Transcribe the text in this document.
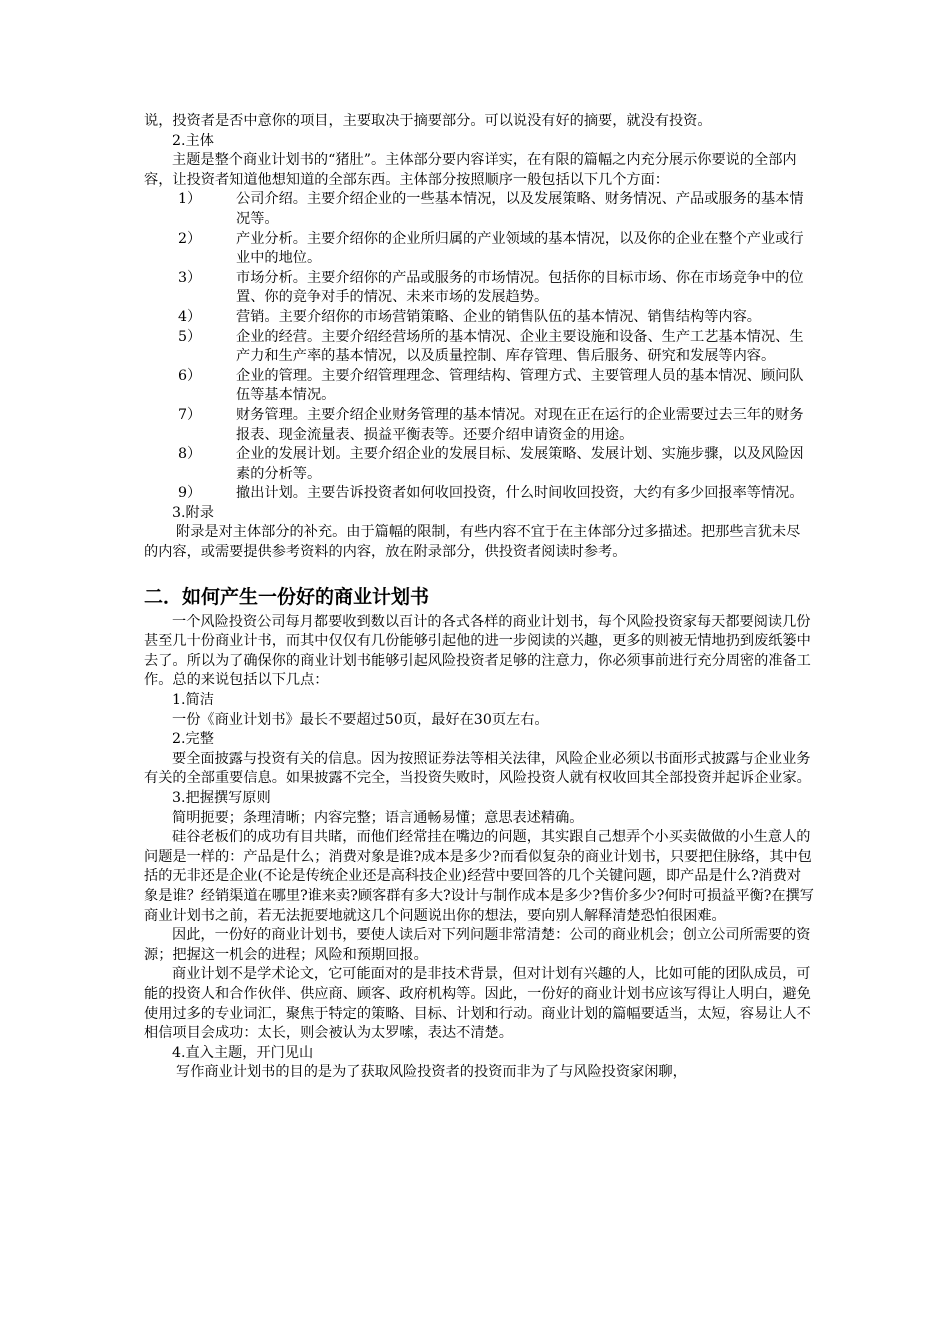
说，投资者是否中意你的项目，主要取决于摘要部分。可以说没有好的摘要，就没有投资。

2.主体

主题是整个商业计划书的“猪肚”。主体部分要内容详实，在有限的篇幅之内充分展示你要说的全部内容，让投资者知道他想知道的全部东西。主体部分按照顺序一般包括以下几个方面：

1）	公司介绍。主要介绍企业的一些基本情况，以及发展策略、财务情况、产品或服务的基本情况等。
2）	产业分析。主要介绍你的企业所归属的产业领域的基本情况，以及你的企业在整个产业或行业中的地位。
3）	市场分析。主要介绍你的产品或服务的市场情况。包括你的目标市场、你在市场竞争中的位置、你的竞争对手的情况、未来市场的发展趋势。
4）	营销。主要介绍你的市场营销策略、企业的销售队伍的基本情况、销售结构等内容。
5）	企业的经营。主要介绍经营场所的基本情况、企业主要设施和设备、生产工艺基本情况、生产力和生产率的基本情况，以及质量控制、库存管理、售后服务、研究和发展等内容。
6）	企业的管理。主要介绍管理理念、管理结构、管理方式、主要管理人员的基本情况、顾问队伍等基本情况。
7）	财务管理。主要介绍企业财务管理的基本情况。对现在正在运行的企业需要过去三年的财务报表、现金流量表、损益平衡表等。还要介绍申请资金的用途。
8）	企业的发展计划。主要介绍企业的发展目标、发展策略、发展计划、实施步骤，以及风险因素的分析等。
9）	撤出计划。主要告诉投资者如何收回投资，什么时间收回投资，大约有多少回报率等情况。

3.附录

附录是对主体部分的补充。由于篇幅的限制，有些内容不宜于在主体部分过多描述。把那些言犹未尽的内容，或需要提供参考资料的内容，放在附录部分，供投资者阅读时参考。

二．如何产生一份好的商业计划书

一个风险投资公司每月都要收到数以百计的各式各样的商业计划书，每个风险投资家每天都要阅读几份甚至几十份商业计书，而其中仅仅有几份能够引起他的进一步阅读的兴趣，更多的则被无情地扔到废纸篓中去了。所以为了确保你的商业计划书能够引起风险投资者足够的注意力，你必须事前进行充分周密的准备工作。总的来说包括以下几点：

1.简洁

一份《商业计划书》最长不要超过50页，最好在30页左右。

2.完整

要全面披露与投资有关的信息。因为按照证券法等相关法律，风险企业必须以书面形式披露与企业业务有关的全部重要信息。如果披露不完全，当投资失败时，风险投资人就有权收回其全部投资并起诉企业家。

3.把握撰写原则

简明扼要；条理清晰；内容完整；语言通畅易懂；意思表述精确。

硅谷老板们的成功有目共睹，而他们经常挂在嘴边的问题，其实跟自己想弄个小买卖做做的小生意人的问题是一样的：产品是什么；消费对象是谁?成本是多少?而看似复杂的商业计划书，只要把住脉络，其中包括的无非还是企业(不论是传统企业还是高科技企业)经营中要回答的几个关键问题，即产品是什么?消费对象是谁？经销渠道在哪里?谁来卖?顾客群有多大?设计与制作成本是多少?售价多少?何时可损益平衡?在撰写商业计划书之前，若无法扼要地就这几个问题说出你的想法，要向别人解释清楚恐怕很困难。

因此，一份好的商业计划书，要使人读后对下列问题非常清楚：公司的商业机会；创立公司所需要的资源；把握这一机会的进程；风险和预期回报。

商业计划不是学术论文，它可能面对的是非技术背景，但对计划有兴趣的人，比如可能的团队成员，可能的投资人和合作伙伴、供应商、顾客、政府机构等。因此，一份好的商业计划书应该写得让人明白，避免使用过多的专业词汇，聚焦于特定的策略、目标、计划和行动。商业计划的篇幅要适当，太短，容易让人不相信项目会成功：太长，则会被认为太罗嗦，表达不清楚。

4.直入主题，开门见山

写作商业计划书的目的是为了获取风险投资者的投资而非为了与风险投资家闲聊，
